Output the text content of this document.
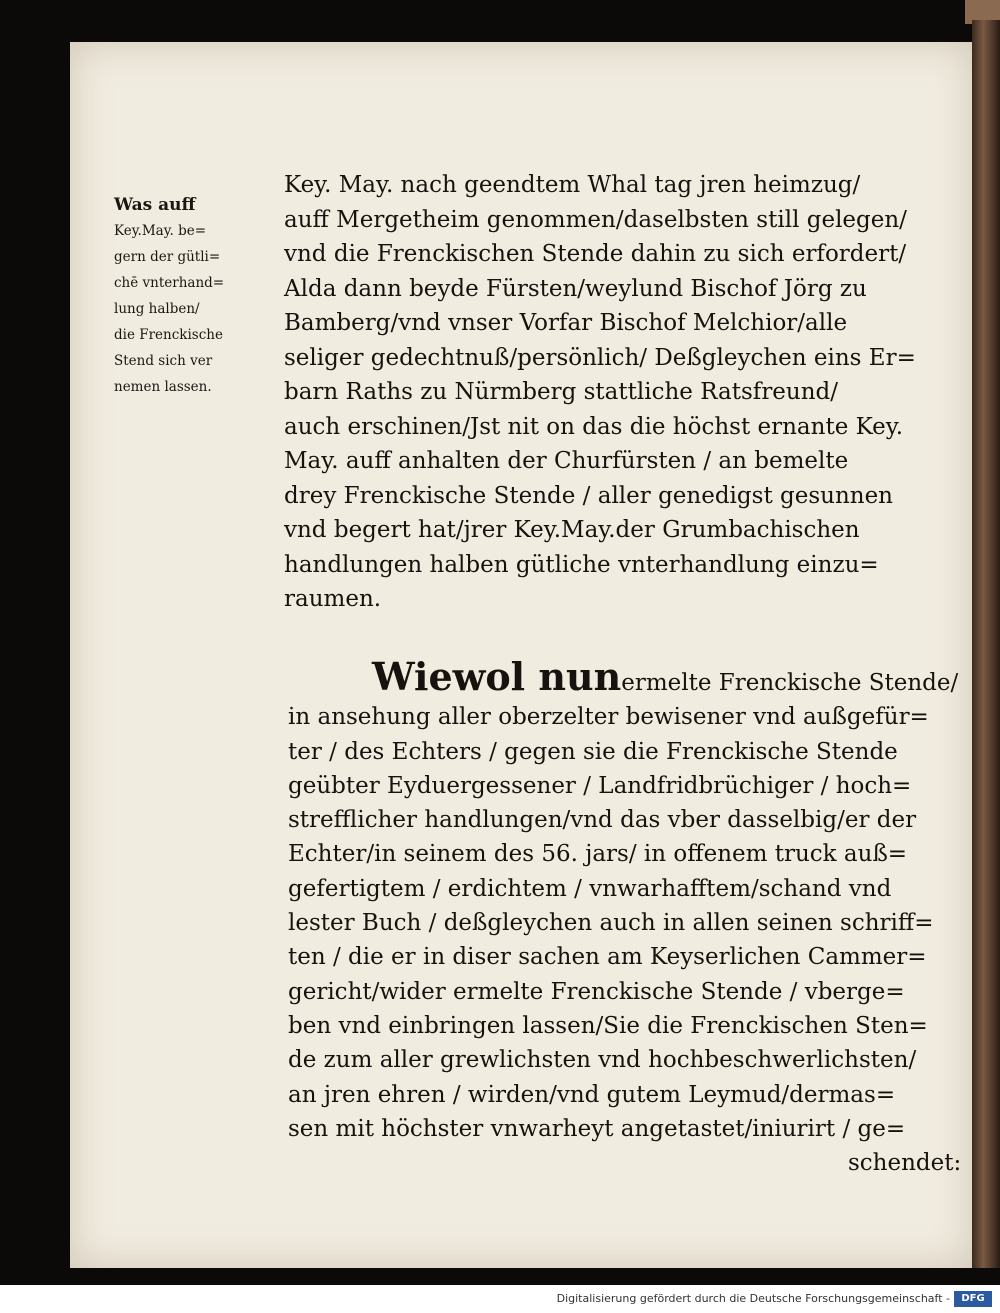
Was auff
Key.May. be=
gern der gütli=
chē vnterhand=
lung halben/
die Frenckische
Stend sich ver
nemen lassen.
Key. May. nach geendtem Whal tag jren heimzug/
auff Mergetheim genommen/daselbsten still gelegen/
vnd die Frenckischen Stende dahin zu sich erfordert/
Alda dann beyde Fürsten/weylund Bischof Jörg zu
Bamberg/vnd vnser Vorfar Bischof Melchior/alle
seliger gedechtnuß/persönlich/ Deßgleychen eins Er=
barn Raths zu Nürmberg stattliche Ratsfreund/
auch erschinen/Jst nit on das die höchst ernante Key.
May. auff anhalten der Churfürsten / an bemelte
drey Frenckische Stende / aller genedigst gesunnen
vnd begert hat/jrer Key.May.der Grumbachischen
handlungen halben gütliche vnterhandlung einzu=
raumen.
Wiewol nunermelte Frenckische Stende/
in ansehung aller oberzelter bewisener vnd außgefür=
ter / des Echters / gegen sie die Frenckische Stende
geübter Eyduergessener / Landfridbrüchiger / hoch=
strefflicher handlungen/vnd das vber dasselbig/er der
Echter/in seinem des 56. jars/ in offenem truck auß=
gefertigtem / erdichtem / vnwarhafftem/schand vnd
lester Buch / deßgleychen auch in allen seinen schriff=
ten / die er in diser sachen am Keyserlichen Cammer=
gericht/wider ermelte Frenckische Stende / vberge=
ben vnd einbringen lassen/Sie die Frenckischen Sten=
de zum aller grewlichsten vnd hochbeschwerlichsten/
an jren ehren / wirden/vnd gutem Leymud/dermas=
sen mit höchster vnwarheyt angetastet/iniurirt / ge=
schendet:
Digitalisierung gefördert durch die Deutsche Forschungsgemeinschaft -	DFG
